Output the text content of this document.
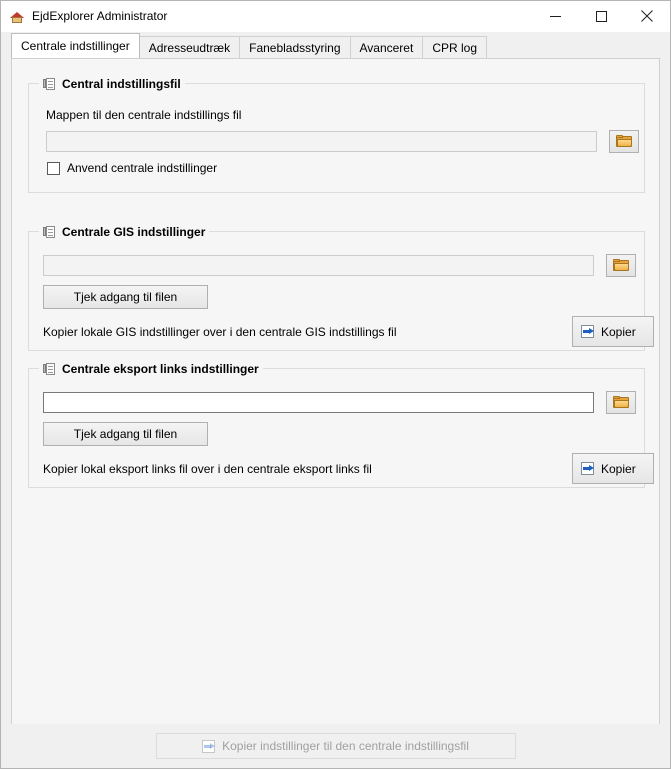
EjdExplorer Administrator
Centrale indstillinger	Adresseudtræk	Fanebladsstyring	Avanceret	CPR log
Central indstillingsfil
Mappen til den centrale indstillings fil
Anvend centrale indstillinger
Centrale GIS indstillinger
Tjek adgang til filen
Kopier lokale GIS indstillinger over i den centrale GIS indstillings fil	Kopier
Centrale eksport links indstillinger
Tjek adgang til filen
Kopier lokal eksport links fil over i den centrale eksport links fil	Kopier
Kopier indstillinger til den centrale indstillingsfil
